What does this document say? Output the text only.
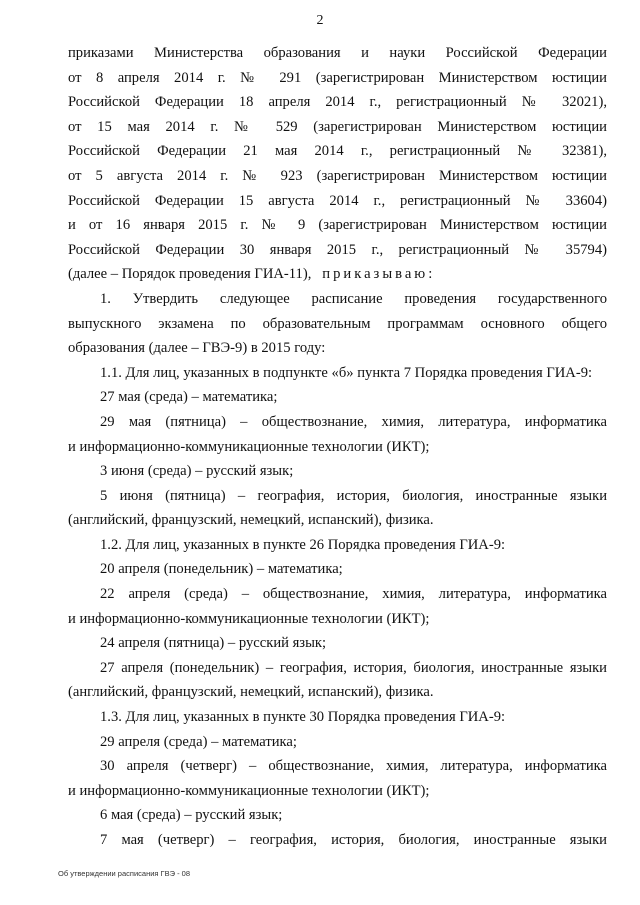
2
приказами Министерства образования и науки Российской Федерации
от 8 апреля 2014 г. № 291 (зарегистрирован Министерством юстиции
Российской Федерации 18 апреля 2014 г., регистрационный № 32021),
от 15 мая 2014 г. № 529 (зарегистрирован Министерством юстиции
Российской Федерации 21 мая 2014 г., регистрационный № 32381),
от 5 августа 2014 г. № 923 (зарегистрирован Министерством юстиции
Российской Федерации 15 августа 2014 г., регистрационный № 33604)
и от 16 января 2015 г. № 9 (зарегистрирован Министерством юстиции
Российской Федерации 30 января 2015 г., регистрационный № 35794)
(далее – Порядок проведения ГИА-11), приказываю:
1. Утвердить следующее расписание проведения государственного
выпускного экзамена по образовательным программам основного общего
образования (далее – ГВЭ-9) в 2015 году:
1.1. Для лиц, указанных в подпункте «б» пункта 7 Порядка проведения ГИА-9:
27 мая (среда) – математика;
29 мая (пятница) – обществознание, химия, литература, информатика
и информационно-коммуникационные технологии (ИКТ);
3 июня (среда) – русский язык;
5 июня (пятница) – география, история, биология, иностранные языки
(английский, французский, немецкий, испанский), физика.
1.2. Для лиц, указанных в пункте 26 Порядка проведения ГИА-9:
20 апреля (понедельник) – математика;
22 апреля (среда) – обществознание, химия, литература, информатика
и информационно-коммуникационные технологии (ИКТ);
24 апреля (пятница) – русский язык;
27 апреля (понедельник) – география, история, биология, иностранные языки
(английский, французский, немецкий, испанский), физика.
1.3. Для лиц, указанных в пункте 30 Порядка проведения ГИА-9:
29 апреля (среда) – математика;
30 апреля (четверг) – обществознание, химия, литература, информатика
и информационно-коммуникационные технологии (ИКТ);
6 мая (среда) – русский язык;
7 мая (четверг) – география, история, биология, иностранные языки
Об утверждении расписания ГВЭ - 08
